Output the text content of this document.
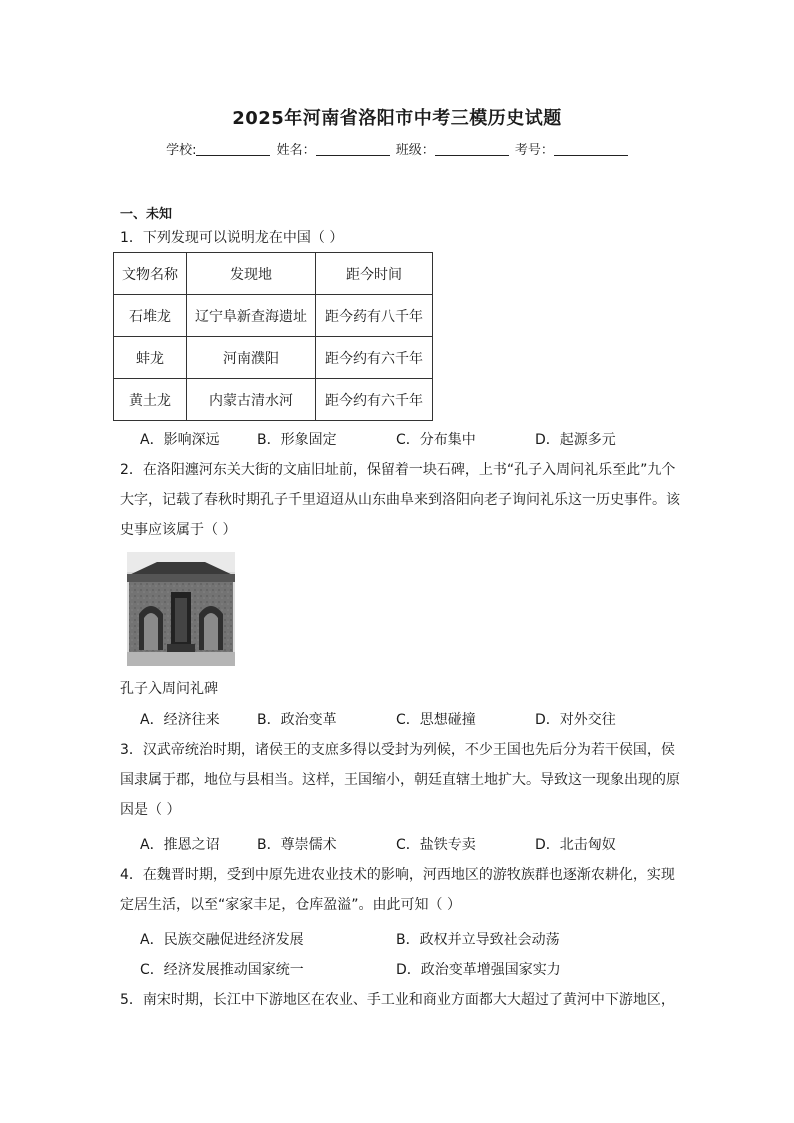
2025年河南省洛阳市中考三模历史试题
学校:	姓名：	班级：	考号：
一、未知
1．下列发现可以说明龙在中国（ ）
文物名称	发现地	距今时间
石堆龙	辽宁阜新查海遗址	距今药有八千年
蚌龙	河南濮阳	距今约有六千年
黄土龙	内蒙古清水河	距今约有六千年
A．影响深远	B．形象固定	C．分布集中	D．起源多元
2．在洛阳瀍河东关大街的文庙旧址前，保留着一块石碑，上书“孔子入周问礼乐至此”九个
大字，记载了春秋时期孔子千里迢迢从山东曲阜来到洛阳向老子询问礼乐这一历史事件。该
史事应该属于（ ）
孔子入周问礼碑
A．经济往来	B．政治变革	C．思想碰撞	D．对外交往
3．汉武帝统治时期，诸侯王的支庶多得以受封为列候，不少王国也先后分为若干侯国，侯
国隶属于郡，地位与县相当。这样，王国缩小，朝廷直辖土地扩大。导致这一现象出现的原
因是（ ）
A．推恩之诏	B．尊崇儒术	C．盐铁专卖	D．北击匈奴
4．在魏晋时期，受到中原先进农业技术的影响，河西地区的游牧族群也逐渐农耕化，实现
定居生活，以至“家家丰足，仓库盈溢”。由此可知（ ）
A．民族交融促进经济发展	B．政权并立导致社会动荡
C．经济发展推动国家统一	D．政治变革增强国家实力
5．南宋时期，长江中下游地区在农业、手工业和商业方面都大大超过了黄河中下游地区，
